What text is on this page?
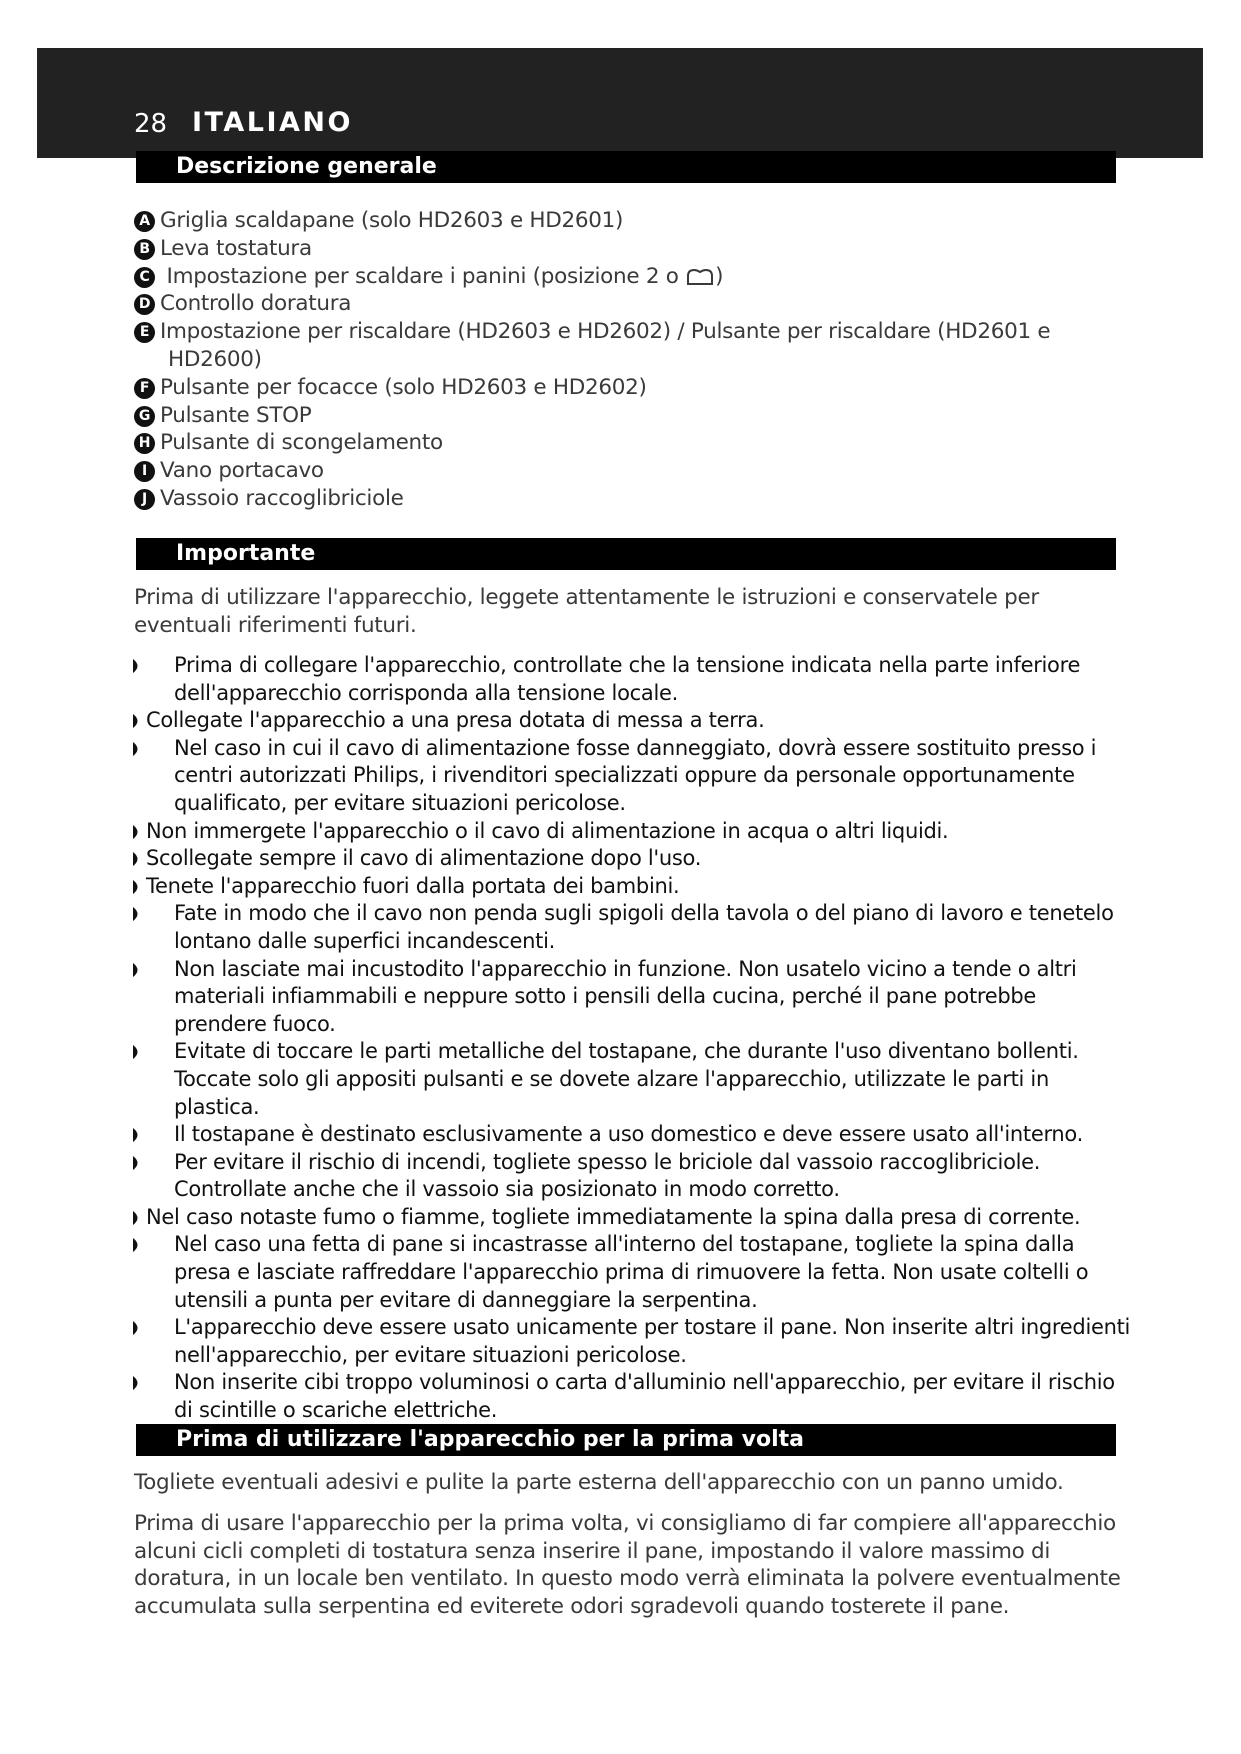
28 ITALIANO
Descrizione generale
A Griglia scaldapane (solo HD2603 e HD2601)
B Leva tostatura
C Impostazione per scaldare i panini (posizione 2 o )
D Controllo doratura
E Impostazione per riscaldare (HD2603 e HD2602) / Pulsante per riscaldare (HD2601 e
HD2600)
F Pulsante per focacce (solo HD2603 e HD2602)
G Pulsante STOP
H Pulsante di scongelamento
I Vano portacavo
J Vassoio raccoglibriciole
Importante

Prima di utilizzare l'apparecchio, leggete attentamente le istruzioni e conservatele per eventuali riferimenti futuri.

Prima di collegare l'apparecchio, controllate che la tensione indicata nella parte inferiore dell'apparecchio corrisponda alla tensione locale.
Collegate l'apparecchio a una presa dotata di messa a terra.
Nel caso in cui il cavo di alimentazione fosse danneggiato, dovrà essere sostituito presso i centri autorizzati Philips, i rivenditori specializzati oppure da personale opportunamente qualificato, per evitare situazioni pericolose.
Non immergete l'apparecchio o il cavo di alimentazione in acqua o altri liquidi.
Scollegate sempre il cavo di alimentazione dopo l'uso.
Tenete l'apparecchio fuori dalla portata dei bambini.
Fate in modo che il cavo non penda sugli spigoli della tavola o del piano di lavoro e tenetelo lontano dalle superfici incandescenti.
Non lasciate mai incustodito l'apparecchio in funzione. Non usatelo vicino a tende o altri materiali infiammabili e neppure sotto i pensili della cucina, perché il pane potrebbe prendere fuoco.
Evitate di toccare le parti metalliche del tostapane, che durante l'uso diventano bollenti. Toccate solo gli appositi pulsanti e se dovete alzare l'apparecchio, utilizzate le parti in plastica.
Il tostapane è destinato esclusivamente a uso domestico e deve essere usato all'interno.
Per evitare il rischio di incendi, togliete spesso le briciole dal vassoio raccoglibriciole. Controllate anche che il vassoio sia posizionato in modo corretto.
Nel caso notaste fumo o fiamme, togliete immediatamente la spina dalla presa di corrente.
Nel caso una fetta di pane si incastrasse all'interno del tostapane, togliete la spina dalla presa e lasciate raffreddare l'apparecchio prima di rimuovere la fetta. Non usate coltelli o utensili a punta per evitare di danneggiare la serpentina.
L'apparecchio deve essere usato unicamente per tostare il pane. Non inserite altri ingredienti nell'apparecchio, per evitare situazioni pericolose.
Non inserite cibi troppo voluminosi o carta d'alluminio nell'apparecchio, per evitare il rischio di scintille o scariche elettriche.
Prima di utilizzare l'apparecchio per la prima volta

Togliete eventuali adesivi e pulite la parte esterna dell'apparecchio con un panno umido.

Prima di usare l'apparecchio per la prima volta, vi consigliamo di far compiere all'apparecchio alcuni cicli completi di tostatura senza inserire il pane, impostando il valore massimo di doratura, in un locale ben ventilato. In questo modo verrà eliminata la polvere eventualmente accumulata sulla serpentina ed eviterete odori sgradevoli quando tosterete il pane.
